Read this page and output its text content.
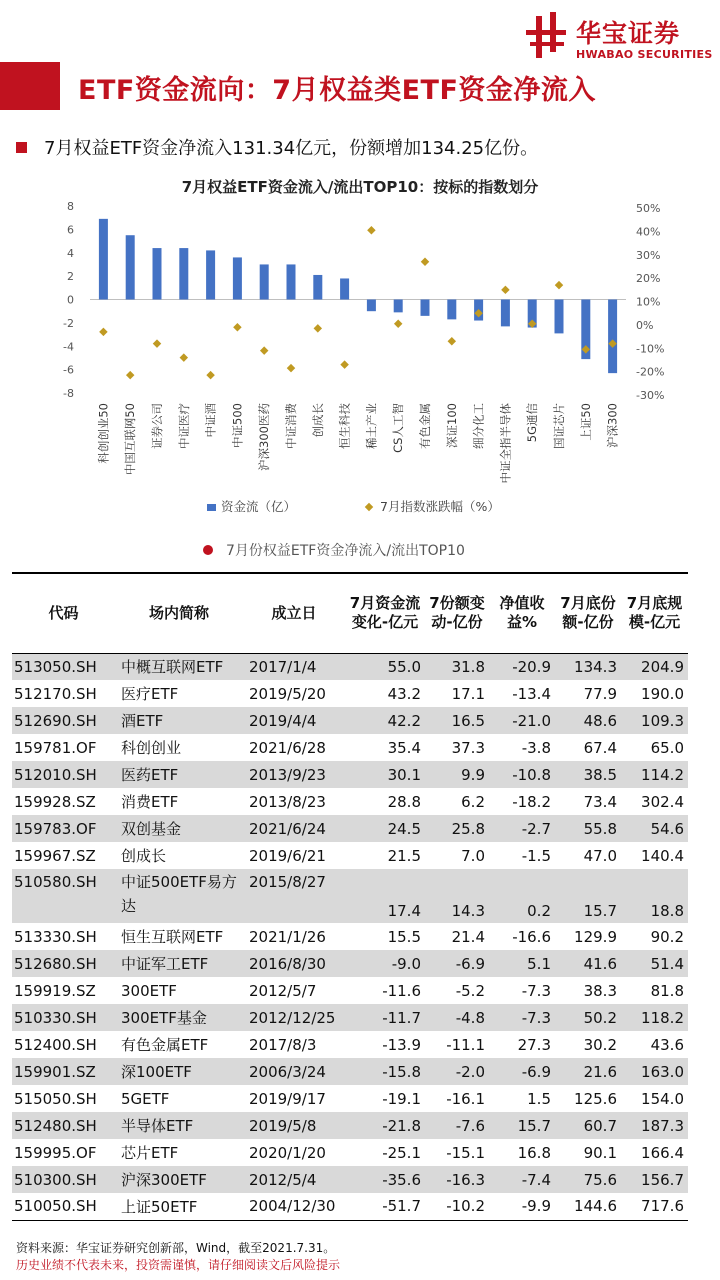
ETF资金流向：7月权益类ETF资金净流入
华宝证券
HWABAO SECURITIES
7月权益ETF资金净流入131.34亿元，份额增加134.25亿份。
7月权益ETF资金流入/流出TOP10：按标的指数划分
8
6
4
2
0
-2
-4
-6
-8
50%
40%
30%
20%
10%
0%
-10%
-20%
-30%
科创创业50 中国互联网50 证券公司 中证医疗 中证酒 中证500 沪深300医药 中证消费 创成长 恒生科技 稀土产业 CS人工智 有色金属 深证100 细分化工 中证全指半导体 5G通信 国证芯片 上证50 沪深300
资金流（亿）	7月指数涨跌幅（%）
7月份权益ETF资金净流入/流出TOP10
代码	场内简称	成立日	7月资金流变化-亿元	7份额变动-亿份	净值收益%	7月底份额-亿份	7月底规模-亿元
513050.SH	中概互联网ETF	2017/1/4	55.0	31.8	-20.9	134.3	204.9
512170.SH	医疗ETF	2019/5/20	43.2	17.1	-13.4	77.9	190.0
512690.SH	酒ETF	2019/4/4	42.2	16.5	-21.0	48.6	109.3
159781.OF	科创创业	2021/6/28	35.4	37.3	-3.8	67.4	65.0
512010.SH	医药ETF	2013/9/23	30.1	9.9	-10.8	38.5	114.2
159928.SZ	消费ETF	2013/8/23	28.8	6.2	-18.2	73.4	302.4
159783.OF	双创基金	2021/6/24	24.5	25.8	-2.7	55.8	54.6
159967.SZ	创成长	2019/6/21	21.5	7.0	-1.5	47.0	140.4
510580.SH	中证500ETF易方达	2015/8/27	17.4	14.3	0.2	15.7	18.8
513330.SH	恒生互联网ETF	2021/1/26	15.5	21.4	-16.6	129.9	90.2
512680.SH	中证军工ETF	2016/8/30	-9.0	-6.9	5.1	41.6	51.4
159919.SZ	300ETF	2012/5/7	-11.6	-5.2	-7.3	38.3	81.8
510330.SH	300ETF基金	2012/12/25	-11.7	-4.8	-7.3	50.2	118.2
512400.SH	有色金属ETF	2017/8/3	-13.9	-11.1	27.3	30.2	43.6
159901.SZ	深100ETF	2006/3/24	-15.8	-2.0	-6.9	21.6	163.0
515050.SH	5GETF	2019/9/17	-19.1	-16.1	1.5	125.6	154.0
512480.SH	半导体ETF	2019/5/8	-21.8	-7.6	15.7	60.7	187.3
159995.OF	芯片ETF	2020/1/20	-25.1	-15.1	16.8	90.1	166.4
510300.SH	沪深300ETF	2012/5/4	-35.6	-16.3	-7.4	75.6	156.7
510050.SH	上证50ETF	2004/12/30	-51.7	-10.2	-9.9	144.6	717.6
资料来源：华宝证券研究创新部，Wind，截至2021.7.31。
历史业绩不代表未来，投资需谨慎，请仔细阅读文后风险提示
